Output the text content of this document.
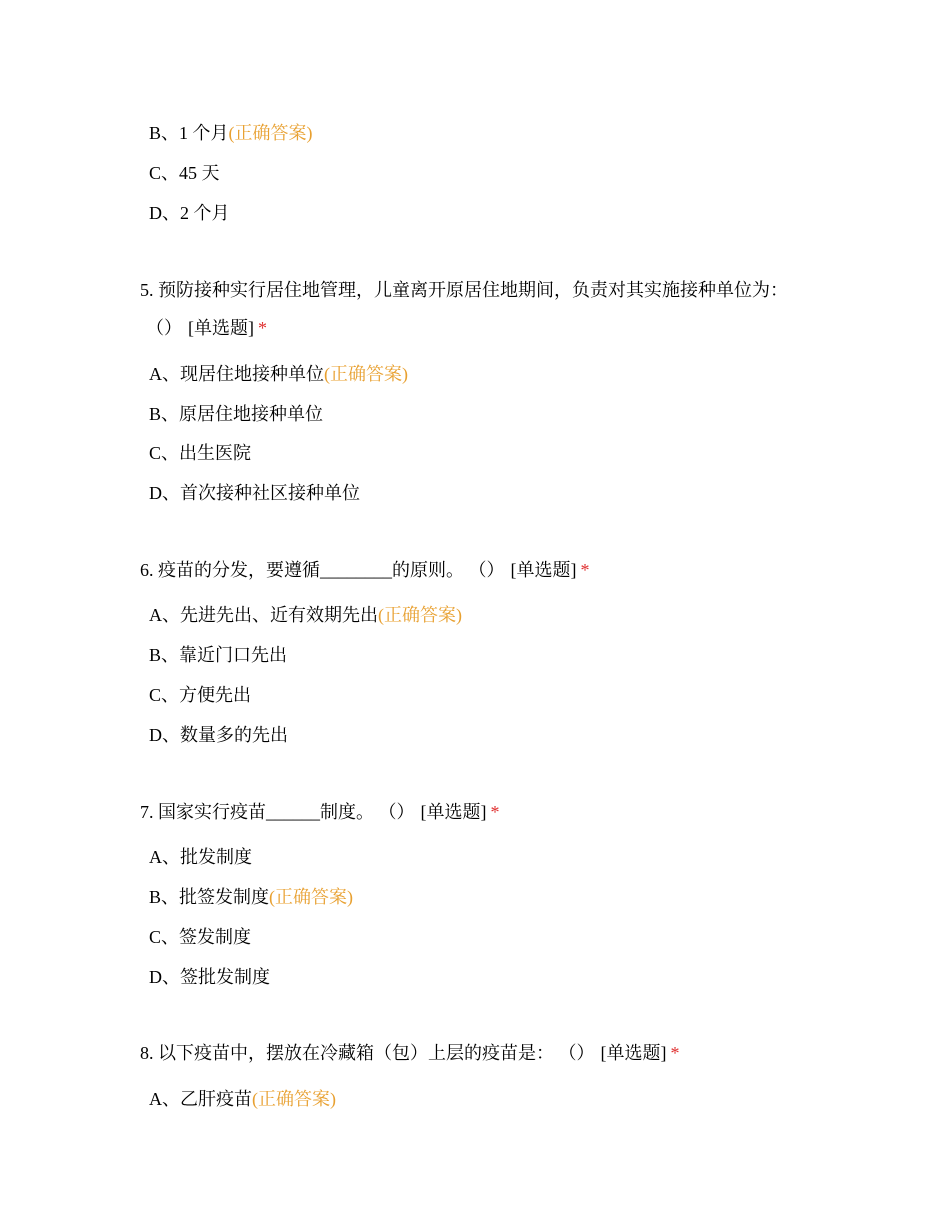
B、1 个月(正确答案)
C、45 天
D、2 个月
5. 预防接种实行居住地管理，儿童离开原居住地期间，负责对其实施接种单位为：
（） [单选题] *
A、现居住地接种单位(正确答案)
B、原居住地接种单位
C、出生医院
D、首次接种社区接种单位
6. 疫苗的分发，要遵循________的原则。 （） [单选题] *
A、先进先出、近有效期先出(正确答案)
B、靠近门口先出
C、方便先出
D、数量多的先出
7. 国家实行疫苗______制度。 （） [单选题] *
A、批发制度
B、批签发制度(正确答案)
C、签发制度
D、签批发制度
8. 以下疫苗中，摆放在冷藏箱（包）上层的疫苗是： （） [单选题] *
A、乙肝疫苗(正确答案)
